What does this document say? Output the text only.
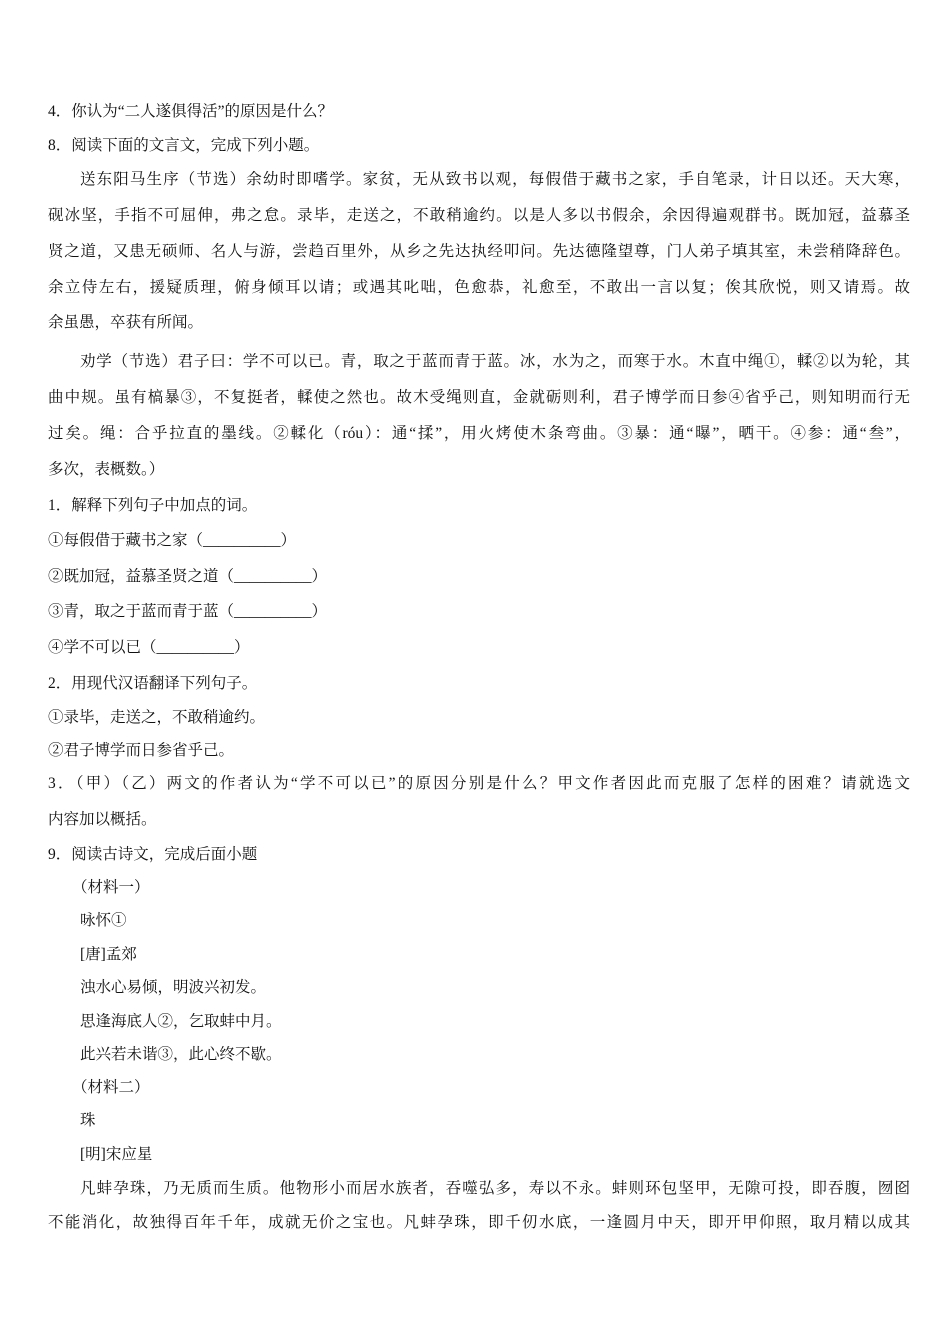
4．你认为“二人遂俱得活”的原因是什么？
8．阅读下面的文言文，完成下列小题。
送东阳马生序（节选）余幼时即嗜学。家贫，无从致书以观，每假借于藏书之家，手自笔录，计日以还。天大寒，
砚冰坚，手指不可屈伸，弗之怠。录毕，走送之，不敢稍逾约。以是人多以书假余，余因得遍观群书。既加冠，益慕圣
贤之道，又患无硕师、名人与游，尝趋百里外，从乡之先达执经叩问。先达德隆望尊，门人弟子填其室，未尝稍降辞色。
余立侍左右，援疑质理，俯身倾耳以请；或遇其叱咄，色愈恭，礼愈至，不敢出一言以复；俟其欣悦，则又请焉。故
余虽愚，卒获有所闻。
劝学（节选）君子曰：学不可以已。青，取之于蓝而青于蓝。冰，水为之，而寒于水。木直中绳①，輮②以为轮，其
曲中规。虽有槁暴③，不复挺者，輮使之然也。故木受绳则直，金就砺则利，君子博学而日参④省乎己，则知明而行无
过矣。绳：合乎拉直的墨线。②輮化（róu）：通“揉”，用火烤使木条弯曲。③暴：通“曝”，晒干。④参：通“叁”，
多次，表概数。）
1．解释下列句子中加点的词。
①每假借于藏书之家（__________）
②既加冠，益慕圣贤之道（__________）
③青，取之于蓝而青于蓝（__________）
④学不可以已（__________）
2．用现代汉语翻译下列句子。
①录毕，走送之，不敢稍逾约。
②君子博学而日参省乎己。
3．（甲）（乙）两文的作者认为“学不可以已”的原因分别是什么？甲文作者因此而克服了怎样的困难？请就选文
内容加以概括。
9．阅读古诗文，完成后面小题
（材料一）
咏怀①
[唐]孟郊
浊水心易倾，明波兴初发。
思逢海底人②，乞取蚌中月。
此兴若未谐③，此心终不歇。
（材料二）
珠
[明]宋应星
凡蚌孕珠，乃无质而生质。他物形小而居水族者，吞噬弘多，寿以不永。蚌则环包坚甲，无隙可投，即吞腹，囫囵
不能消化，故独得百年千年，成就无价之宝也。凡蚌孕珠，即千仞水底，一逢圆月中天，即开甲仰照，取月精以成其
